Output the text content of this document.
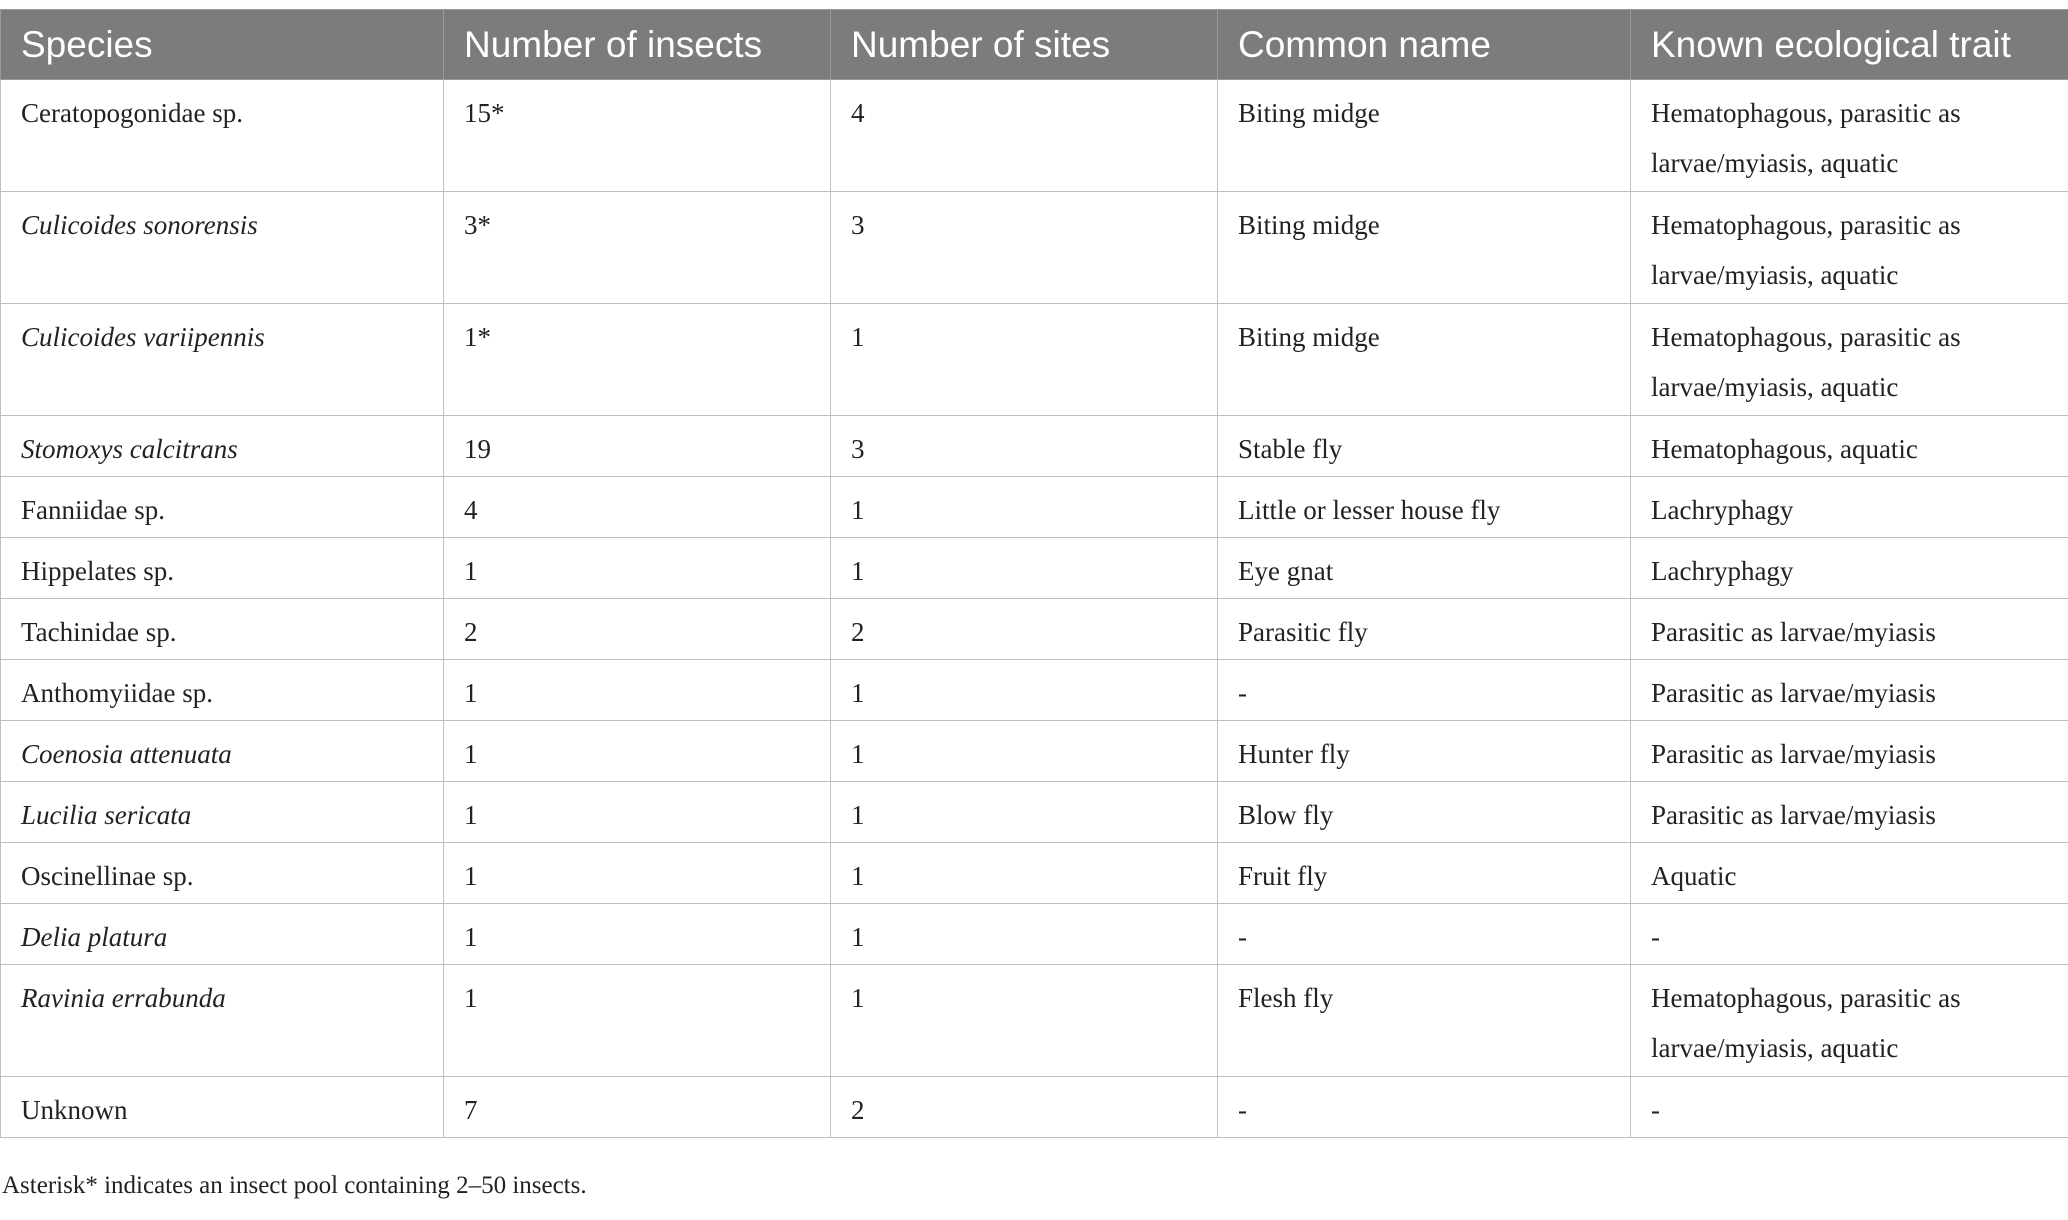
Species	Number of insects	Number of sites	Common name	Known ecological trait
Ceratopogonidae sp.	15*	4	Biting midge	Hematophagous, parasitic as larvae/myiasis, aquatic
Culicoides sonorensis	3*	3	Biting midge	Hematophagous, parasitic as larvae/myiasis, aquatic
Culicoides variipennis	1*	1	Biting midge	Hematophagous, parasitic as larvae/myiasis, aquatic
Stomoxys calcitrans	19	3	Stable fly	Hematophagous, aquatic
Fanniidae sp.	4	1	Little or lesser house fly	Lachryphagy
Hippelates sp.	1	1	Eye gnat	Lachryphagy
Tachinidae sp.	2	2	Parasitic fly	Parasitic as larvae/myiasis
Anthomyiidae sp.	1	1	-	Parasitic as larvae/myiasis
Coenosia attenuata	1	1	Hunter fly	Parasitic as larvae/myiasis
Lucilia sericata	1	1	Blow fly	Parasitic as larvae/myiasis
Oscinellinae sp.	1	1	Fruit fly	Aquatic
Delia platura	1	1	-	-
Ravinia errabunda	1	1	Flesh fly	Hematophagous, parasitic as larvae/myiasis, aquatic
Unknown	7	2	-	-
Asterisk* indicates an insect pool containing 2–50 insects.
